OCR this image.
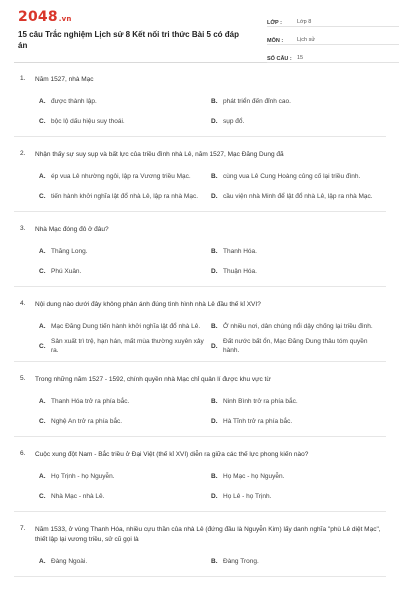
2048.vn
15 câu Trắc nghiệm Lịch sử 8 Kết nối tri thức Bài 5 có đáp án
LỚP :	Lớp 8
MÔN :	Lịch sử
SỐ CÂU : 15
1.	Năm 1527, nhà Mạc
A. được thành lập.	B. phát triển đến đỉnh cao.
C. bộc lộ dấu hiệu suy thoái.	D. sụp đổ.
2.	Nhận thấy sự suy sụp và bất lực của triều đình nhà Lê, năm 1527, Mạc Đăng Dung đã
A. ép vua Lê nhường ngôi, lập ra Vương triều Mạc.	B. cùng vua Lê Cung Hoàng củng cố lại triều đình.
C. tiến hành khởi nghĩa lật đổ nhà Lê, lập ra nhà Mạc.	D. cầu viện nhà Minh để lật đổ nhà Lê, lập ra nhà Mạc.
3.	Nhà Mạc đóng đô ở đâu?
A. Thăng Long.	B. Thanh Hóa.
C. Phú Xuân.	D. Thuận Hóa.
4.	Nội dung nào dưới đây không phản ánh đúng tình hình nhà Lê đầu thế kỉ XVI?
A. Mạc Đăng Dung tiến hành khởi nghĩa lật đổ nhà Lê.	B. Ở nhiều nơi, dân chúng nổi dậy chống lại triều đình.
C.
Sản xuất trì trệ, hạn hán, mất mùa thường xuyên xảy ra.
D.
Đất nước bất ổn, Mạc Đăng Dung thâu tóm quyền hành.
5.	Trong những năm 1527 - 1592, chính quyền nhà Mạc chỉ quản lí được khu vực từ
A. Thanh Hóa trở ra phía bắc.	B. Ninh Bình trở ra phía bắc.
C. Nghệ An trở ra phía bắc.	D. Hà Tĩnh trở ra phía bắc.
6.	Cuộc xung đột Nam - Bắc triều ở Đại Việt (thế kỉ XVI) diễn ra giữa các thế lực phong kiến nào?
A. Họ Trịnh - họ Nguyễn.	B. Họ Mạc - họ Nguyễn.
C. Nhà Mạc - nhà Lê.	D. Họ Lê - họ Trịnh.
7.	Năm 1533, ở vùng Thanh Hóa, nhiều cựu thần của nhà Lê (đứng đầu là Nguyễn Kim) lấy danh nghĩa "phù Lê diệt Mạc", thiết lập lại vương triều, sử cũ gọi là
A. Đàng Ngoài.	B. Đàng Trong.
